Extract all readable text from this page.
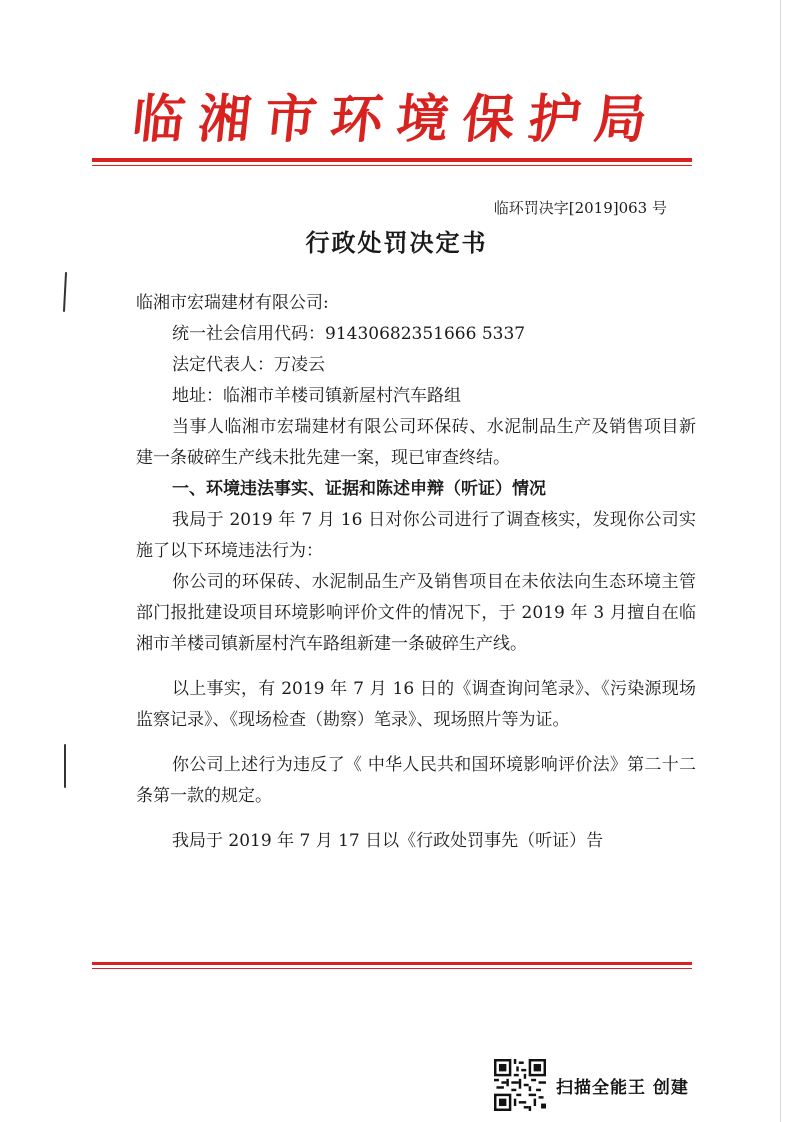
临湘市环境保护局
临环罚决字[2019]063 号
行政处罚决定书

临湘市宏瑞建材有限公司:

统一社会信用代码：91430682351666 5337

法定代表人：万凌云

地址：临湘市羊楼司镇新屋村汽车路组

当事人临湘市宏瑞建材有限公司环保砖、水泥制品生产及销售项目新建一条破碎生产线未批先建一案，现已审查终结。

一、环境违法事实、证据和陈述申辩（听证）情况

我局于 2019 年 7 月 16 日对你公司进行了调查核实，发现你公司实施了以下环境违法行为：

你公司的环保砖、水泥制品生产及销售项目在未依法向生态环境主管部门报批建设项目环境影响评价文件的情况下，于 2019 年 3 月擅自在临湘市羊楼司镇新屋村汽车路组新建一条破碎生产线。

以上事实，有 2019 年 7 月 16 日的《调查询问笔录》、《污染源现场监察记录》、《现场检查（勘察）笔录》、现场照片等为证。

你公司上述行为违反了《 中华人民共和国环境影响评价法》第二十二条第一款的规定。

我局于 2019 年 7 月 17 日以《行政处罚事先（听证）告

扫描全能王 创建
